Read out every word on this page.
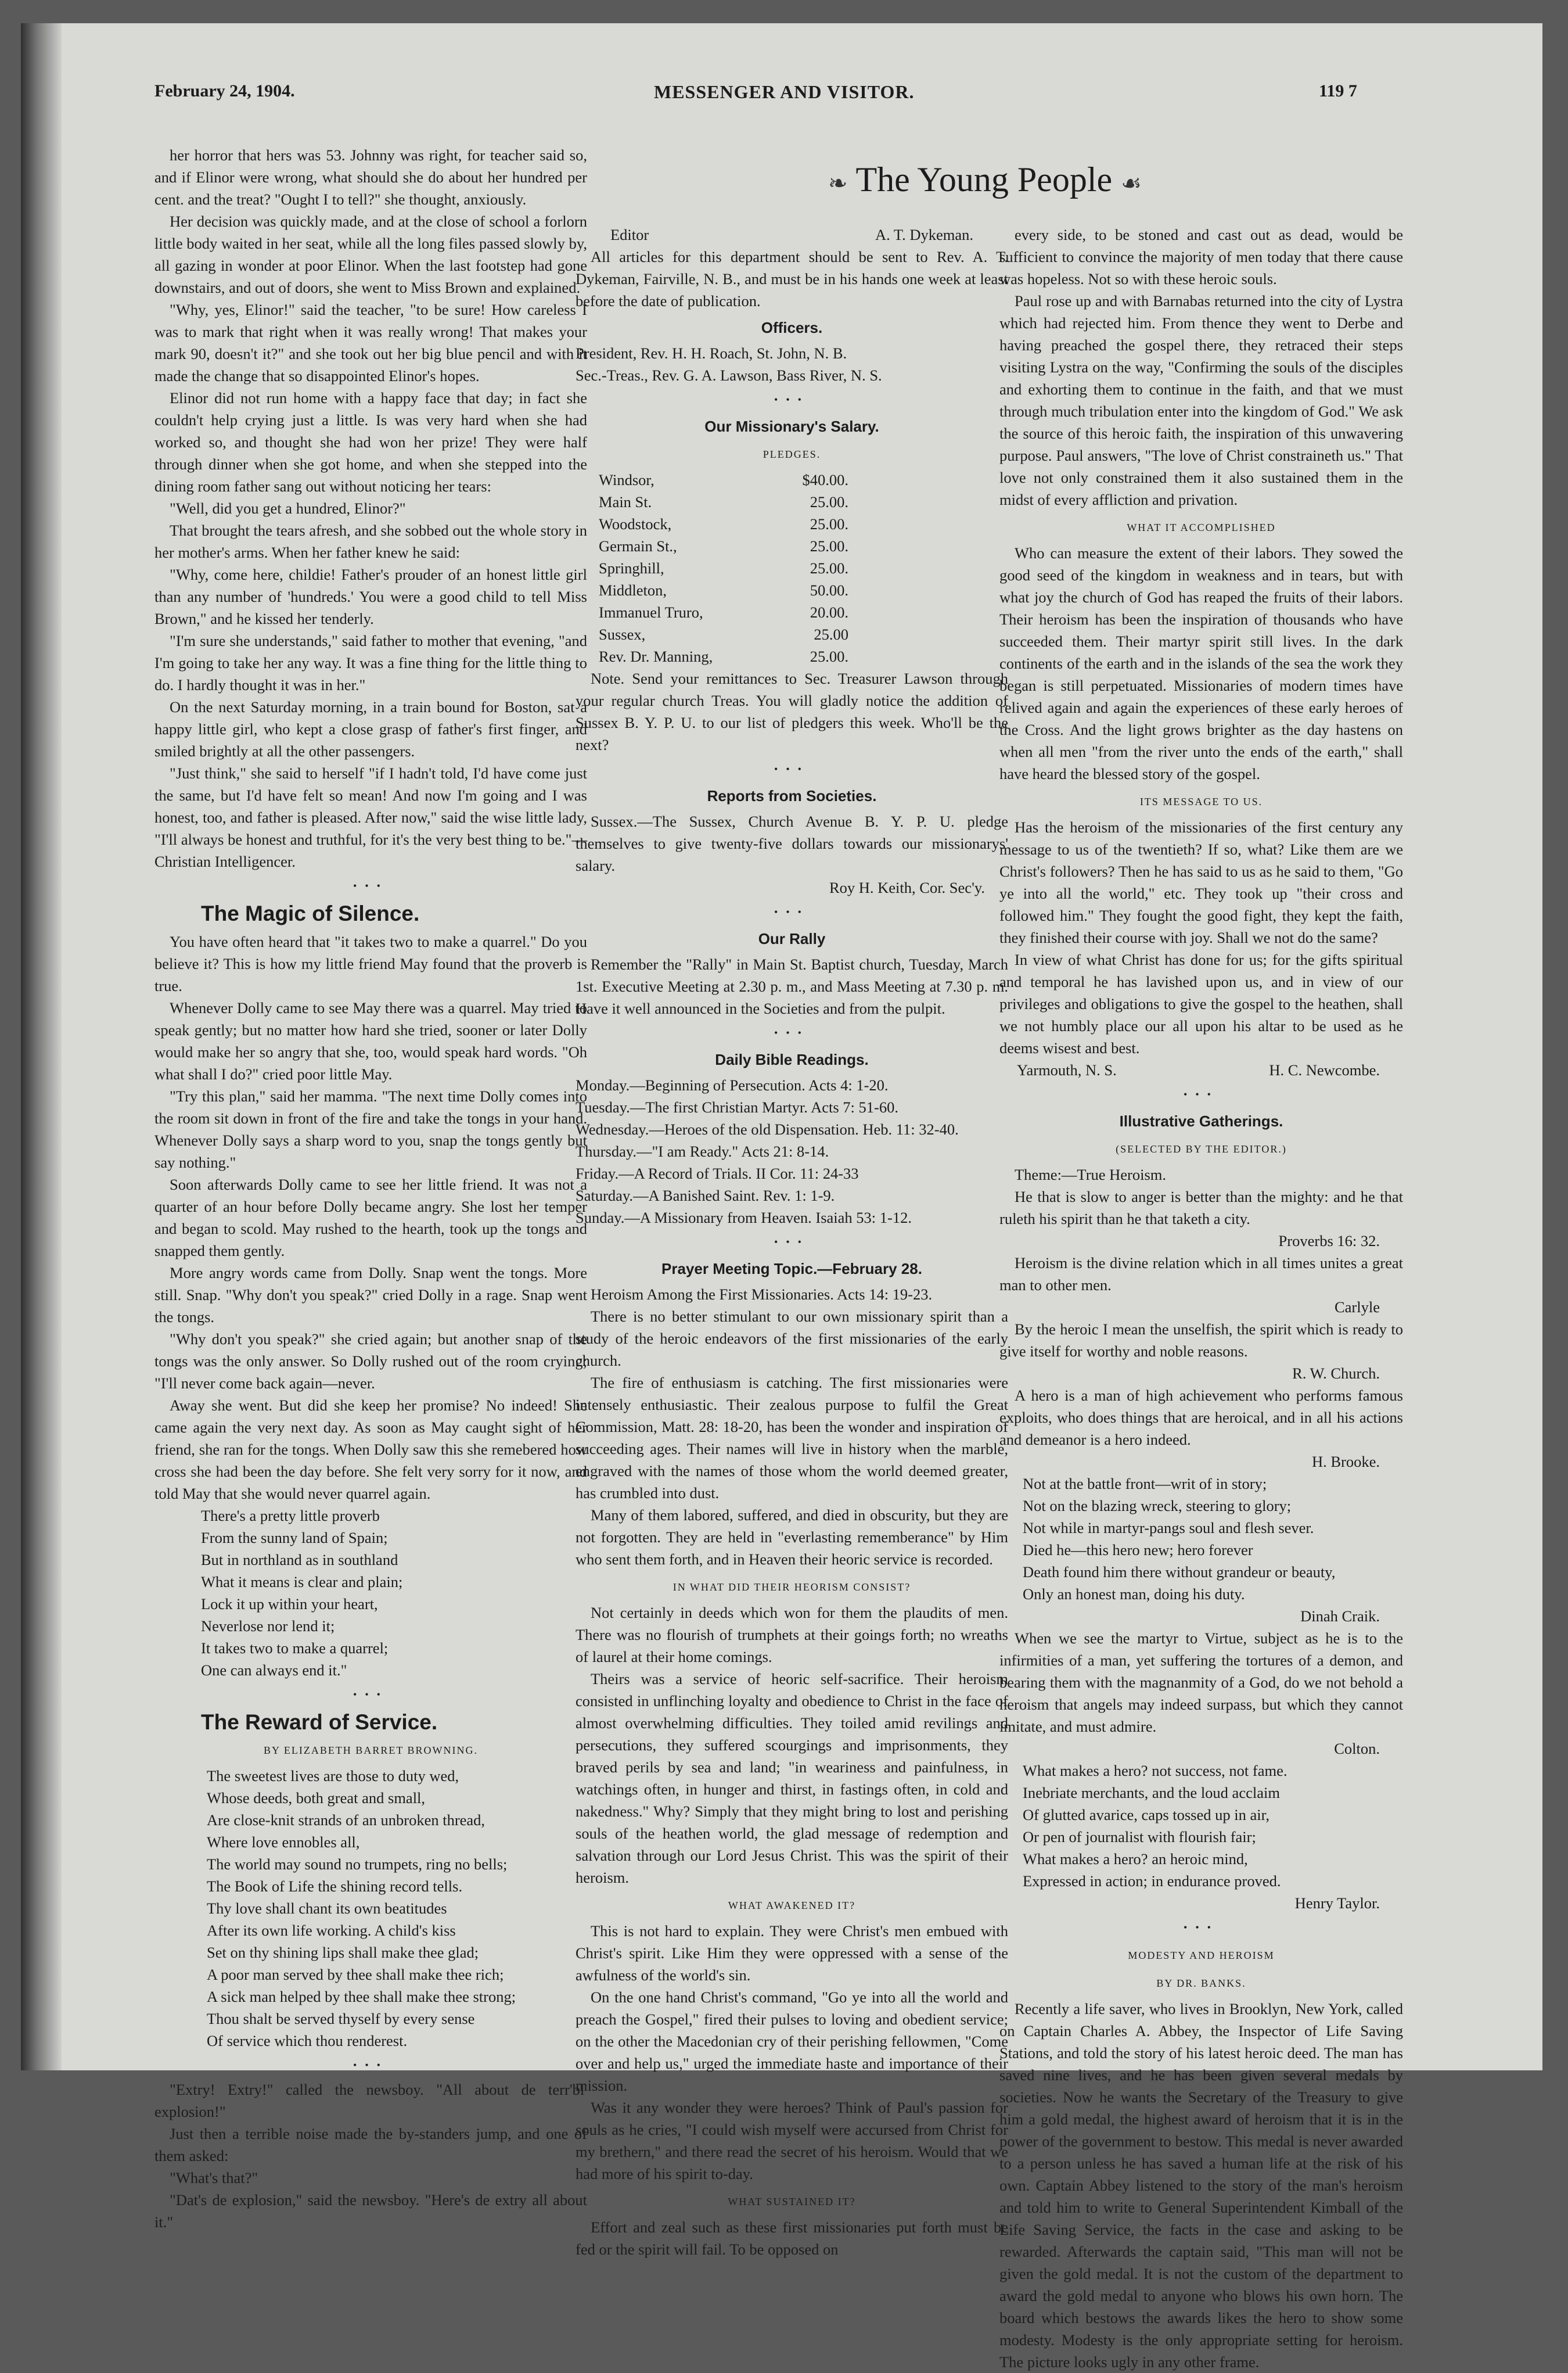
February 24, 1904.	MESSENGER AND VISITOR.	119 7
❧ The Young People ☙

her horror that hers was 53. Johnny was right, for teacher said so, and if Elinor were wrong, what should she do about her hundred per cent. and the treat? "Ought I to tell?" she thought, anxiously.

Her decision was quickly made, and at the close of school a forlorn little body waited in her seat, while all the long files passed slowly by, all gazing in wonder at poor Elinor. When the last footstep had gone downstairs, and out of doors, she went to Miss Brown and explained.

"Why, yes, Elinor!" said the teacher, "to be sure! How careless I was to mark that right when it was really wrong! That makes your mark 90, doesn't it?" and she took out her big blue pencil and with it made the change that so disappointed Elinor's hopes.

Elinor did not run home with a happy face that day; in fact she couldn't help crying just a little. Is was very hard when she had worked so, and thought she had won her prize! They were half through dinner when she got home, and when she stepped into the dining room father sang out without noticing her tears:

"Well, did you get a hundred, Elinor?"

That brought the tears afresh, and she sobbed out the whole story in her mother's arms. When her father knew he said:

"Why, come here, childie! Father's prouder of an honest little girl than any number of 'hundreds.' You were a good child to tell Miss Brown," and he kissed her tenderly.

"I'm sure she understands," said father to mother that evening, "and I'm going to take her any way. It was a fine thing for the little thing to do. I hardly thought it was in her."

On the next Saturday morning, in a train bound for Boston, sat a happy little girl, who kept a close grasp of father's first finger, and smiled brightly at all the other passengers.

"Just think," she said to herself "if I hadn't told, I'd have come just the same, but I'd have felt so mean! And now I'm going and I was honest, too, and father is pleased. After now," said the wise little lady, "I'll always be honest and truthful, for it's the very best thing to be."—Christian Intelligencer.

•••
The Magic of Silence.

You have often heard that "it takes two to make a quarrel." Do you believe it? This is how my little friend May found that the proverb is true.

Whenever Dolly came to see May there was a quarrel. May tried to speak gently; but no matter how hard she tried, sooner or later Dolly would make her so angry that she, too, would speak hard words. "Oh what shall I do?" cried poor little May.

"Try this plan," said her mamma. "The next time Dolly comes into the room sit down in front of the fire and take the tongs in your hand. Whenever Dolly says a sharp word to you, snap the tongs gently but say nothing."

Soon afterwards Dolly came to see her little friend. It was not a quarter of an hour before Dolly became angry. She lost her temper and began to scold. May rushed to the hearth, took up the tongs and snapped them gently.

More angry words came from Dolly. Snap went the tongs. More still. Snap. "Why don't you speak?" cried Dolly in a rage. Snap went the tongs.

"Why don't you speak?" she cried again; but another snap of the tongs was the only answer. So Dolly rushed out of the room crying; "I'll never come back again—never.

Away she went. But did she keep her promise? No indeed! She came again the very next day. As soon as May caught sight of her friend, she ran for the tongs. When Dolly saw this she remebered how cross she had been the day before. She felt very sorry for it now, and told May that she would never quarrel again.

There's a pretty little proverb
From the sunny land of Spain;
But in northland as in southland
What it means is clear and plain;
Lock it up within your heart,
Neverlose nor lend it;
It takes two to make a quarrel;
One can always end it."
•••
The Reward of Service.
BY ELIZABETH BARRET BROWNING.
The sweetest lives are those to duty wed,
Whose deeds, both great and small,
Are close-knit strands of an unbroken thread,
Where love ennobles all,
The world may sound no trumpets, ring no bells;
The Book of Life the shining record tells.
Thy love shall chant its own beatitudes
After its own life working. A child's kiss
Set on thy shining lips shall make thee glad;
A poor man served by thee shall make thee rich;
A sick man helped by thee shall make thee strong;
Thou shalt be served thyself by every sense
Of service which thou renderest.
•••

"Extry! Extry!" called the newsboy. "All about de terr'bl' explosion!"

Just then a terrible noise made the by-standers jump, and one of them asked:

"What's that?"

"Dat's de explosion," said the newsboy. "Here's de extry all about it."

Editor	A. T. Dykeman.

All articles for this department should be sent to Rev. A. T. Dykeman, Fairville, N. B., and must be in his hands one week at least before the date of publication.

Officers.
President, Rev. H. H. Roach, St. John, N. B.
Sec.-Treas., Rev. G. A. Lawson, Bass River, N. S.
•••
Our Missionary's Salary.
PLEDGES.
Windsor,	$40.00.
Main St.	25.00.
Woodstock,	25.00.
Germain St.,	25.00.
Springhill,	25.00.
Middleton,	50.00.
Immanuel Truro,	20.00.
Sussex,	25.00
Rev. Dr. Manning,	25.00.

Note. Send your remittances to Sec. Treasurer Lawson through your regular church Treas. You will gladly notice the addition of Sussex B. Y. P. U. to our list of pledgers this week. Who'll be the next?

•••
Reports from Societies.

Sussex.—The Sussex, Church Avenue B. Y. P. U. pledge themselves to give twenty-five dollars towards our missionarys' salary.

Roy H. Keith, Cor. Sec'y.
•••
Our Rally

Remember the "Rally" in Main St. Baptist church, Tuesday, March 1st. Executive Meeting at 2.30 p. m., and Mass Meeting at 7.30 p. m. Have it well announced in the Societies and from the pulpit.

•••
Daily Bible Readings.
Monday.—Beginning of Persecution. Acts 4: 1-20.
Tuesday.—The first Christian Martyr. Acts 7: 51-60.
Wednesday.—Heroes of the old Dispensation. Heb. 11: 32-40.
Thursday.—"I am Ready." Acts 21: 8-14.
Friday.—A Record of Trials. II Cor. 11: 24-33
Saturday.—A Banished Saint. Rev. 1: 1-9.
Sunday.—A Missionary from Heaven. Isaiah 53: 1-12.
•••
Prayer Meeting Topic.—February 28.

Heroism Among the First Missionaries. Acts 14: 19-23.

There is no better stimulant to our own missionary spirit than a study of the heroic endeavors of the first missionaries of the early church.

The fire of enthusiasm is catching. The first missionaries were intensely enthusiastic. Their zealous purpose to fulfil the Great Commission, Matt. 28: 18-20, has been the wonder and inspiration of succeeding ages. Their names will live in history when the marble, engraved with the names of those whom the world deemed greater, has crumbled into dust.

Many of them labored, suffered, and died in obscurity, but they are not forgotten. They are held in "everlasting rememberance" by Him who sent them forth, and in Heaven their heoric service is recorded.

IN WHAT DID THEIR HEORISM CONSIST?

Not certainly in deeds which won for them the plaudits of men. There was no flourish of trumphets at their goings forth; no wreaths of laurel at their home comings.

Theirs was a service of heoric self-sacrifice. Their heroism consisted in unflinching loyalty and obedience to Christ in the face of almost overwhelming difficulties. They toiled amid revilings and persecutions, they suffered scourgings and imprisonments, they braved perils by sea and land; "in weariness and painfulness, in watchings often, in hunger and thirst, in fastings often, in cold and nakedness." Why? Simply that they might bring to lost and perishing souls of the heathen world, the glad message of redemption and salvation through our Lord Jesus Christ. This was the spirit of their heroism.

WHAT AWAKENED IT?

This is not hard to explain. They were Christ's men embued with Christ's spirit. Like Him they were oppressed with a sense of the awfulness of the world's sin.

On the one hand Christ's command, "Go ye into all the world and preach the Gospel," fired their pulses to loving and obedient service; on the other the Macedonian cry of their perishing fellowmen, "Come over and help us," urged the immediate haste and importance of their mission.

Was it any wonder they were heroes? Think of Paul's passion for souls as he cries, "I could wish myself were accursed from Christ for my brethern," and there read the secret of his heroism. Would that we had more of his spirit to-day.

WHAT SUSTAINED IT?

Effort and zeal such as these first missionaries put forth must be fed or the spirit will fail. To be opposed on

every side, to be stoned and cast out as dead, would be sufficient to convince the majority of men today that there cause was hopeless. Not so with these heroic souls.

Paul rose up and with Barnabas returned into the city of Lystra which had rejected him. From thence they went to Derbe and having preached the gospel there, they retraced their steps visiting Lystra on the way, "Confirming the souls of the disciples and exhorting them to continue in the faith, and that we must through much tribulation enter into the kingdom of God." We ask the source of this heroic faith, the inspiration of this unwavering purpose. Paul answers, "The love of Christ constraineth us." That love not only constrained them it also sustained them in the midst of every affliction and privation.

WHAT IT ACCOMPLISHED

Who can measure the extent of their labors. They sowed the good seed of the kingdom in weakness and in tears, but with what joy the church of God has reaped the fruits of their labors. Their heroism has been the inspiration of thousands who have succeeded them. Their martyr spirit still lives. In the dark continents of the earth and in the islands of the sea the work they began is still perpetuated. Missionaries of modern times have relived again and again the experiences of these early heroes of the Cross. And the light grows brighter as the day hastens on when all men "from the river unto the ends of the earth," shall have heard the blessed story of the gospel.

ITS MESSAGE TO US.

Has the heroism of the missionaries of the first century any message to us of the twentieth? If so, what? Like them are we Christ's followers? Then he has said to us as he said to them, "Go ye into all the world," etc. They took up "their cross and followed him." They fought the good fight, they kept the faith, they finished their course with joy. Shall we not do the same?

In view of what Christ has done for us; for the gifts spiritual and temporal he has lavished upon us, and in view of our privileges and obligations to give the gospel to the heathen, shall we not humbly place our all upon his altar to be used as he deems wisest and best.

Yarmouth, N. S.	H. C. Newcombe.
•••
Illustrative Gatherings.
(SELECTED BY THE EDITOR.)

Theme:—True Heroism.

He that is slow to anger is better than the mighty: and he that ruleth his spirit than he that taketh a city.

Proverbs 16: 32.

Heroism is the divine relation which in all times unites a great man to other men.

Carlyle

By the heroic I mean the unselfish, the spirit which is ready to give itself for worthy and noble reasons.

R. W. Church.

A hero is a man of high achievement who performs famous exploits, who does things that are heroical, and in all his actions and demeanor is a hero indeed.

H. Brooke.
Not at the battle front—writ of in story;
Not on the blazing wreck, steering to glory;
Not while in martyr-pangs soul and flesh sever.
Died he—this hero new; hero forever
Death found him there without grandeur or beauty,
Only an honest man, doing his duty.
Dinah Craik.

When we see the martyr to Virtue, subject as he is to the infirmities of a man, yet suffering the tortures of a demon, and bearing them with the magnanmity of a God, do we not behold a heroism that angels may indeed surpass, but which they cannot imitate, and must admire.

Colton.
What makes a hero? not success, not fame.
Inebriate merchants, and the loud acclaim
Of glutted avarice, caps tossed up in air,
Or pen of journalist with flourish fair;
What makes a hero? an heroic mind,
Expressed in action; in endurance proved.
Henry Taylor.
•••
MODESTY AND HEROISM
BY DR. BANKS.

Recently a life saver, who lives in Brooklyn, New York, called on Captain Charles A. Abbey, the Inspector of Life Saving Stations, and told the story of his latest heroic deed. The man has saved nine lives, and he has been given several medals by societies. Now he wants the Secretary of the Treasury to give him a gold medal, the highest award of heroism that it is in the power of the government to bestow. This medal is never awarded to a person unless he has saved a human life at the risk of his own. Captain Abbey listened to the story of the man's heroism and told him to write to General Superintendent Kimball of the Life Saving Service, the facts in the case and asking to be rewarded. Afterwards the captain said, "This man will not be given the gold medal. It is not the custom of the department to award the gold medal to anyone who blows his own horn. The board which bestows the awards likes the hero to show some modesty. Modesty is the only appropriate setting for heroism. The picture looks ugly in any other frame.
